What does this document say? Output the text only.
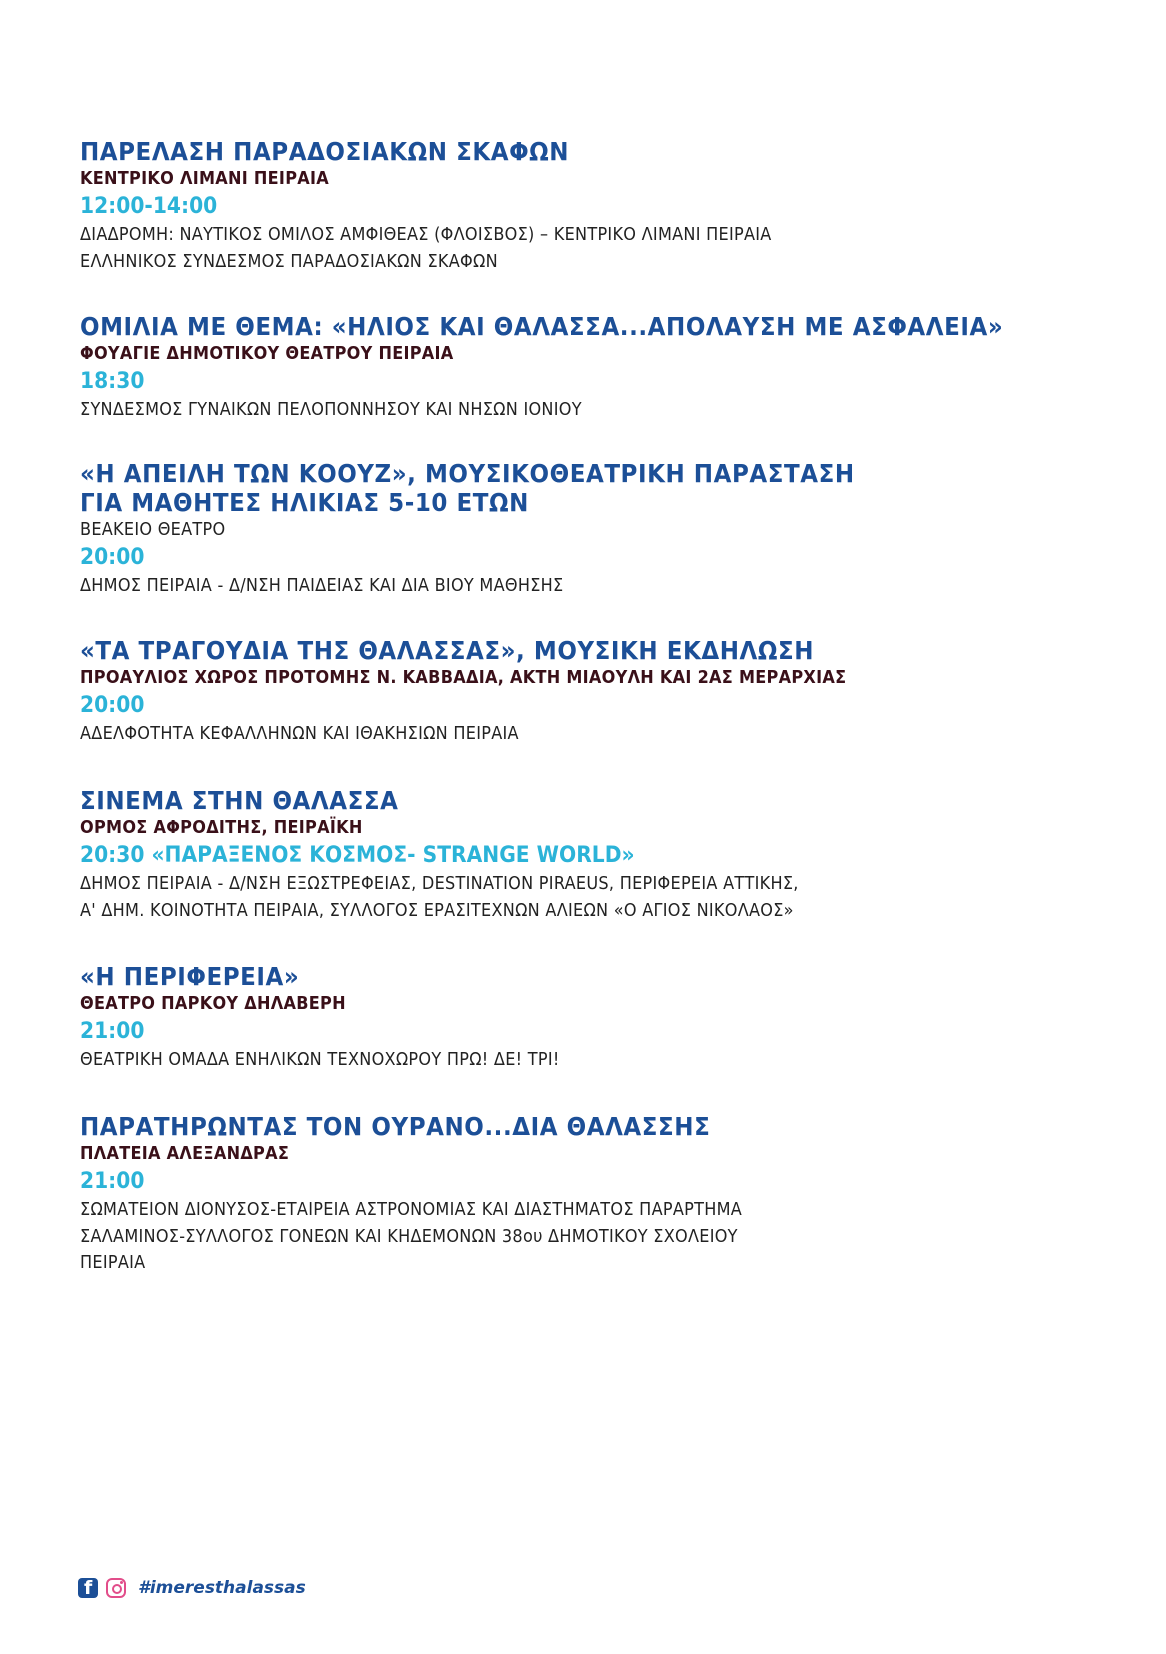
ΠΑΡΕΛΑΣΗ ΠΑΡΑΔΟΣΙΑΚΩΝ ΣΚΑΦΩΝ

ΚΕΝΤΡΙΚΟ ΛΙΜΑΝΙ ΠΕΙΡΑΙΑ

12:00-14:00

ΔΙΑΔΡΟΜΗ: ΝΑΥΤΙΚΟΣ ΟΜΙΛΟΣ ΑΜΦΙΘΕΑΣ (ΦΛΟΙΣΒΟΣ) – ΚΕΝΤΡΙΚΟ ΛΙΜΑΝΙ ΠΕΙΡΑΙΑ

ΕΛΛΗΝΙΚΟΣ ΣΥΝΔΕΣΜΟΣ ΠΑΡΑΔΟΣΙΑΚΩΝ ΣΚΑΦΩΝ

ΟΜΙΛΙΑ ΜΕ ΘΕΜΑ: «ΗΛΙΟΣ ΚΑΙ ΘΑΛΑΣΣΑ...ΑΠΟΛΑΥΣΗ ΜΕ ΑΣΦΑΛΕΙΑ»

ΦΟΥΑΓΙΕ ΔΗΜΟΤΙΚΟΥ ΘΕΑΤΡΟΥ ΠΕΙΡΑΙΑ

18:30

ΣΥΝΔΕΣΜΟΣ ΓΥΝΑΙΚΩΝ ΠΕΛΟΠΟΝΝΗΣΟΥ ΚΑΙ ΝΗΣΩΝ ΙΟΝΙΟΥ

«Η ΑΠΕΙΛΗ ΤΩΝ ΚΟΟΥΖ», ΜΟΥΣΙΚΟΘΕΑΤΡΙΚΗ ΠΑΡΑΣΤΑΣΗ

ΓΙΑ ΜΑΘΗΤΕΣ ΗΛΙΚΙΑΣ 5-10 ΕΤΩΝ

ΒΕΑΚΕΙΟ ΘΕΑΤΡΟ

20:00

ΔΗΜΟΣ ΠΕΙΡΑΙΑ - Δ/ΝΣΗ ΠΑΙΔΕΙΑΣ ΚΑΙ ΔΙΑ ΒΙΟΥ ΜΑΘΗΣΗΣ

«ΤΑ ΤΡΑΓΟΥΔΙΑ ΤΗΣ ΘΑΛΑΣΣΑΣ», ΜΟΥΣΙΚΗ ΕΚΔΗΛΩΣΗ

ΠΡΟΑΥΛΙΟΣ ΧΩΡΟΣ ΠΡΟΤΟΜΗΣ Ν. ΚΑΒΒΑΔΙΑ, ΑΚΤΗ ΜΙΑΟΥΛΗ ΚΑΙ 2ΑΣ ΜΕΡΑΡΧΙΑΣ

20:00

ΑΔΕΛΦΟΤΗΤΑ ΚΕΦΑΛΛΗΝΩΝ ΚΑΙ ΙΘΑΚΗΣΙΩΝ ΠΕΙΡΑΙΑ

ΣΙΝΕΜΑ ΣΤΗΝ ΘΑΛΑΣΣΑ

ΟΡΜΟΣ ΑΦΡΟΔΙΤΗΣ, ΠΕΙΡΑΪΚΗ

20:30 «ΠΑΡΑΞΕΝΟΣ ΚΟΣΜΟΣ- STRANGE WORLD»

ΔΗΜΟΣ ΠΕΙΡΑΙΑ - Δ/ΝΣΗ ΕΞΩΣΤΡΕΦΕΙΑΣ, DESTINATION PIRAEUS, ΠΕΡΙΦΕΡΕΙΑ ΑΤΤΙΚΗΣ,

Α' ΔΗΜ. ΚΟΙΝΟΤΗΤΑ ΠΕΙΡΑΙΑ, ΣΥΛΛΟΓΟΣ ΕΡΑΣΙΤΕΧΝΩΝ ΑΛΙΕΩΝ «Ο ΑΓΙΟΣ ΝΙΚΟΛΑΟΣ»

«Η ΠΕΡΙΦΕΡΕΙΑ»

ΘΕΑΤΡΟ ΠΑΡΚΟΥ ΔΗΛΑΒΕΡΗ

21:00

ΘΕΑΤΡΙΚΗ ΟΜΑΔΑ ΕΝΗΛΙΚΩΝ ΤΕΧΝΟΧΩΡΟΥ ΠΡΩ! ΔΕ! ΤΡΙ!

ΠΑΡΑΤΗΡΩΝΤΑΣ ΤΟΝ ΟΥΡΑΝΟ...ΔΙΑ ΘΑΛΑΣΣΗΣ

ΠΛΑΤΕΙΑ ΑΛΕΞΑΝΔΡΑΣ

21:00

ΣΩΜΑΤΕΙΟΝ ΔΙΟΝΥΣΟΣ-ΕΤΑΙΡΕΙΑ ΑΣΤΡΟΝΟΜΙΑΣ ΚΑΙ ΔΙΑΣΤΗΜΑΤΟΣ ΠΑΡΑΡΤΗΜΑ

ΣΑΛΑΜΙΝΟΣ-ΣΥΛΛΟΓΟΣ ΓΟΝΕΩΝ ΚΑΙ ΚΗΔΕΜΟΝΩΝ 38ου ΔΗΜΟΤΙΚΟΥ ΣΧΟΛΕΙΟΥ

ΠΕΙΡΑΙΑ

f	#imeresthalassas
